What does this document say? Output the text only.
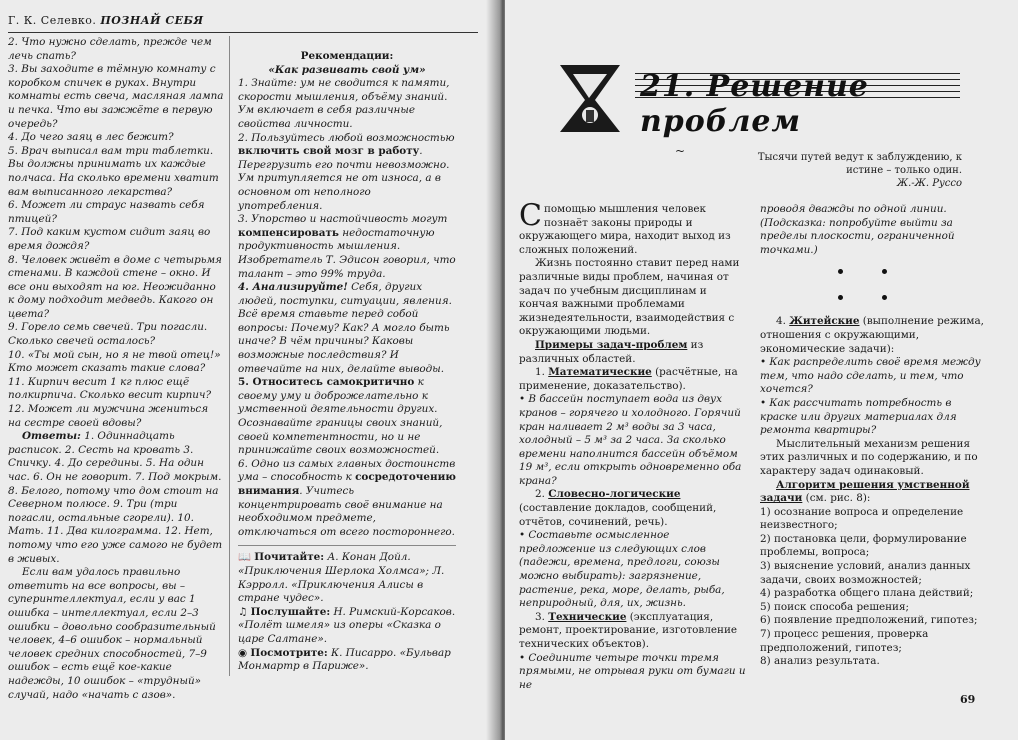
Г. К. Селевко. ПОЗНАЙ СЕБЯ

2. Что нужно сделать, прежде чем лечь спать?

3. Вы заходите в тёмную комнату с коробком спичек в руках. Внутри комнаты есть свеча, масляная лампа и печка. Что вы зажжёте в первую очередь?

4. До чего заяц в лес бежит?

5. Врач выписал вам три таблетки. Вы должны принимать их каждые полчаса. На сколько времени хватит вам выписанного лекарства?

6. Может ли страус назвать себя птицей?

7. Под каким кустом сидит заяц во время дождя?

8. Человек живёт в доме с четырьмя стенами. В каждой стене – окно. И все они выходят на юг. Неожиданно к дому подходит медведь. Какого он цвета?

9. Горело семь свечей. Три погасли. Сколько свечей осталось?

10. «Ты мой сын, но я не твой отец!» Кто может сказать такие слова?

11. Кирпич весит 1 кг плюс ещё полкирпича. Сколько весит кирпич?

12. Может ли мужчина жениться на сестре своей вдовы?

Ответы: 1. Одиннадцать расписок. 2. Сесть на кровать 3. Спичку. 4. До середины. 5. На один час. 6. Он не говорит. 7. Под мокрым. 8. Белого, потому что дом стоит на Северном полюсе. 9. Три (три погасли, остальные сгорели). 10. Мать. 11. Два килограмма. 12. Нет, потому что его уже самого не будет в живых.

Если вам удалось правильно ответить на все вопросы, вы – суперинтеллектуал, если у вас 1 ошибка – интеллектуал, если 2–3 ошибки – довольно сообразительный человек, 4–6 ошибок – нормальный человек средних способностей, 7–9 ошибок – есть ещё кое-какие надежды, 10 ошибок – «трудный» случай, надо «начать с азов».

Рекомендации:

«Как развивать свой ум»

1. Знайте: ум не сводится к памяти, скорости мышления, объёму знаний. Ум включает в себя различные свойства личности.

2. Пользуйтесь любой возможностью включить свой мозг в работу. Перегрузить его почти невозможно. Ум притупляется не от износа, а в основном от неполного употребления.

3. Упорство и настойчивость могут компенсировать недостаточную продуктивность мышления. Изобретатель Т. Эдисон говорил, что талант – это 99% труда.

4. Анализируйте! Себя, других людей, поступки, ситуации, явления. Всё время ставьте перед собой вопросы: Почему? Как? А могло быть иначе? В чём причины? Каковы возможные последствия? И отвечайте на них, делайте выводы.

5. Относитесь самокритично к своему уму и доброжелательно к умственной деятельности других. Осознавайте границы своих знаний, своей компетентности, но и не принижайте своих возможностей.

6. Одно из самых главных достоинств ума – способность к сосредоточению внимания. Учитесь концентрировать своё внимание на необходимом предмете, отключаться от всего постороннего.

📖 Почитайте: А. Конан Дойл. «Приключения Шерлока Холмса»; Л. Кэрролл. «Приключения Алисы в стране чудес».

♫ Послушайте: Н. Римский-Корсаков. «Полёт шмеля» из оперы «Сказка о царе Салтане».

◉ Посмотрите: К. Писарро. «Бульвар Монмартр в Париже».

21. Решение проблем
~	Тысячи путей ведут к заблуждению, к истине – только один.
Ж.-Ж. Руссо

Спомощью мышления человек познаёт законы природы и окружающего мира, находит выход из сложных положений.

Жизнь постоянно ставит перед нами различные виды проблем, начиная от задач по учебным дисциплинам и кончая важными проблемами жизнедеятельности, взаимодействия с окружающими людьми.

Примеры задач-проблем из различных областей.

1. Математические (расчётные, на применение, доказательство).

• В бассейн поступает вода из двух кранов – горячего и холодного. Горячий кран наливает 2 м³ воды за 3 часа, холодный – 5 м³ за 2 часа. За сколько времени наполнится бассейн объёмом 19 м³, если открыть одновременно оба крана?

2. Словесно-логические (составление докладов, сообщений, отчётов, сочинений, речь).

• Составьте осмысленное предложение из следующих слов (падежи, времена, предлоги, союзы можно выбирать): загрязнение, растение, река, море, делать, рыба, неприродный, для, их, жизнь.

3. Технические (эксплуатация, ремонт, проектирование, изготовление технических объектов).

• Соедините четыре точки тремя прямыми, не отрывая руки от бумаги и не

проводя дважды по одной линии. (Подсказка: попробуйте выйти за пределы плоскости, ограниченной точками.)

4. Житейские (выполнение режима, отношения с окружающими, экономические задачи):

• Как распределить своё время между тем, что надо сделать, и тем, что хочется?

• Как рассчитать потребность в краске или других материалах для ремонта квартиры?

Мыслительный механизм решения этих различных и по содержанию, и по характеру задач одинаковый.

Алгоритм решения умственной задачи (см. рис. 8):

1) осознание вопроса и определение неизвестного;

2) постановка цели, формулирование проблемы, вопроса;

3) выяснение условий, анализ данных задачи, своих возможностей;

4) разработка общего плана действий;

5) поиск способа решения;

6) появление предположений, гипотез;

7) процесс решения, проверка предположений, гипотез;

8) анализ результата.

69
